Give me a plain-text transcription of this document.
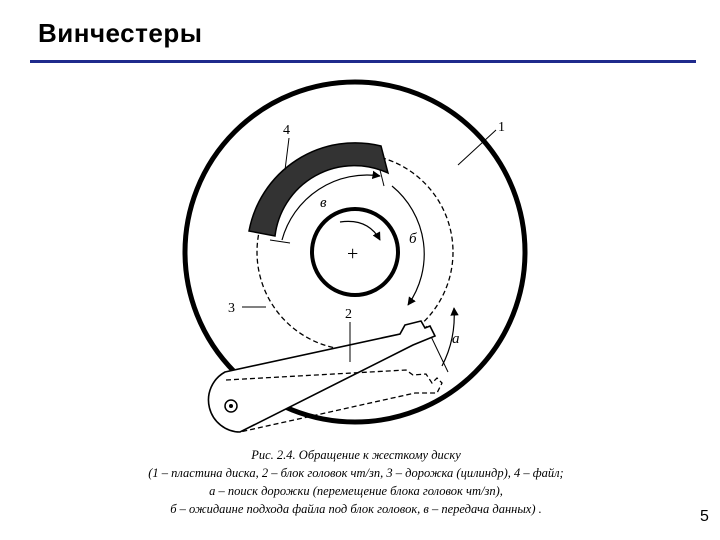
Винчестеры
+
в
б
а
1
4
3	2
Рис. 2.4. Обращение к жесткому диску
(1 – пластина диска, 2 – блок головок чт/зп, 3 – дорожка (цилиндр), 4 – файл;
а – поиск дорожки (перемещение блока головок чт/зп),
б – ожидаине подхода файла под блок головок, в – передача данных) .	5
